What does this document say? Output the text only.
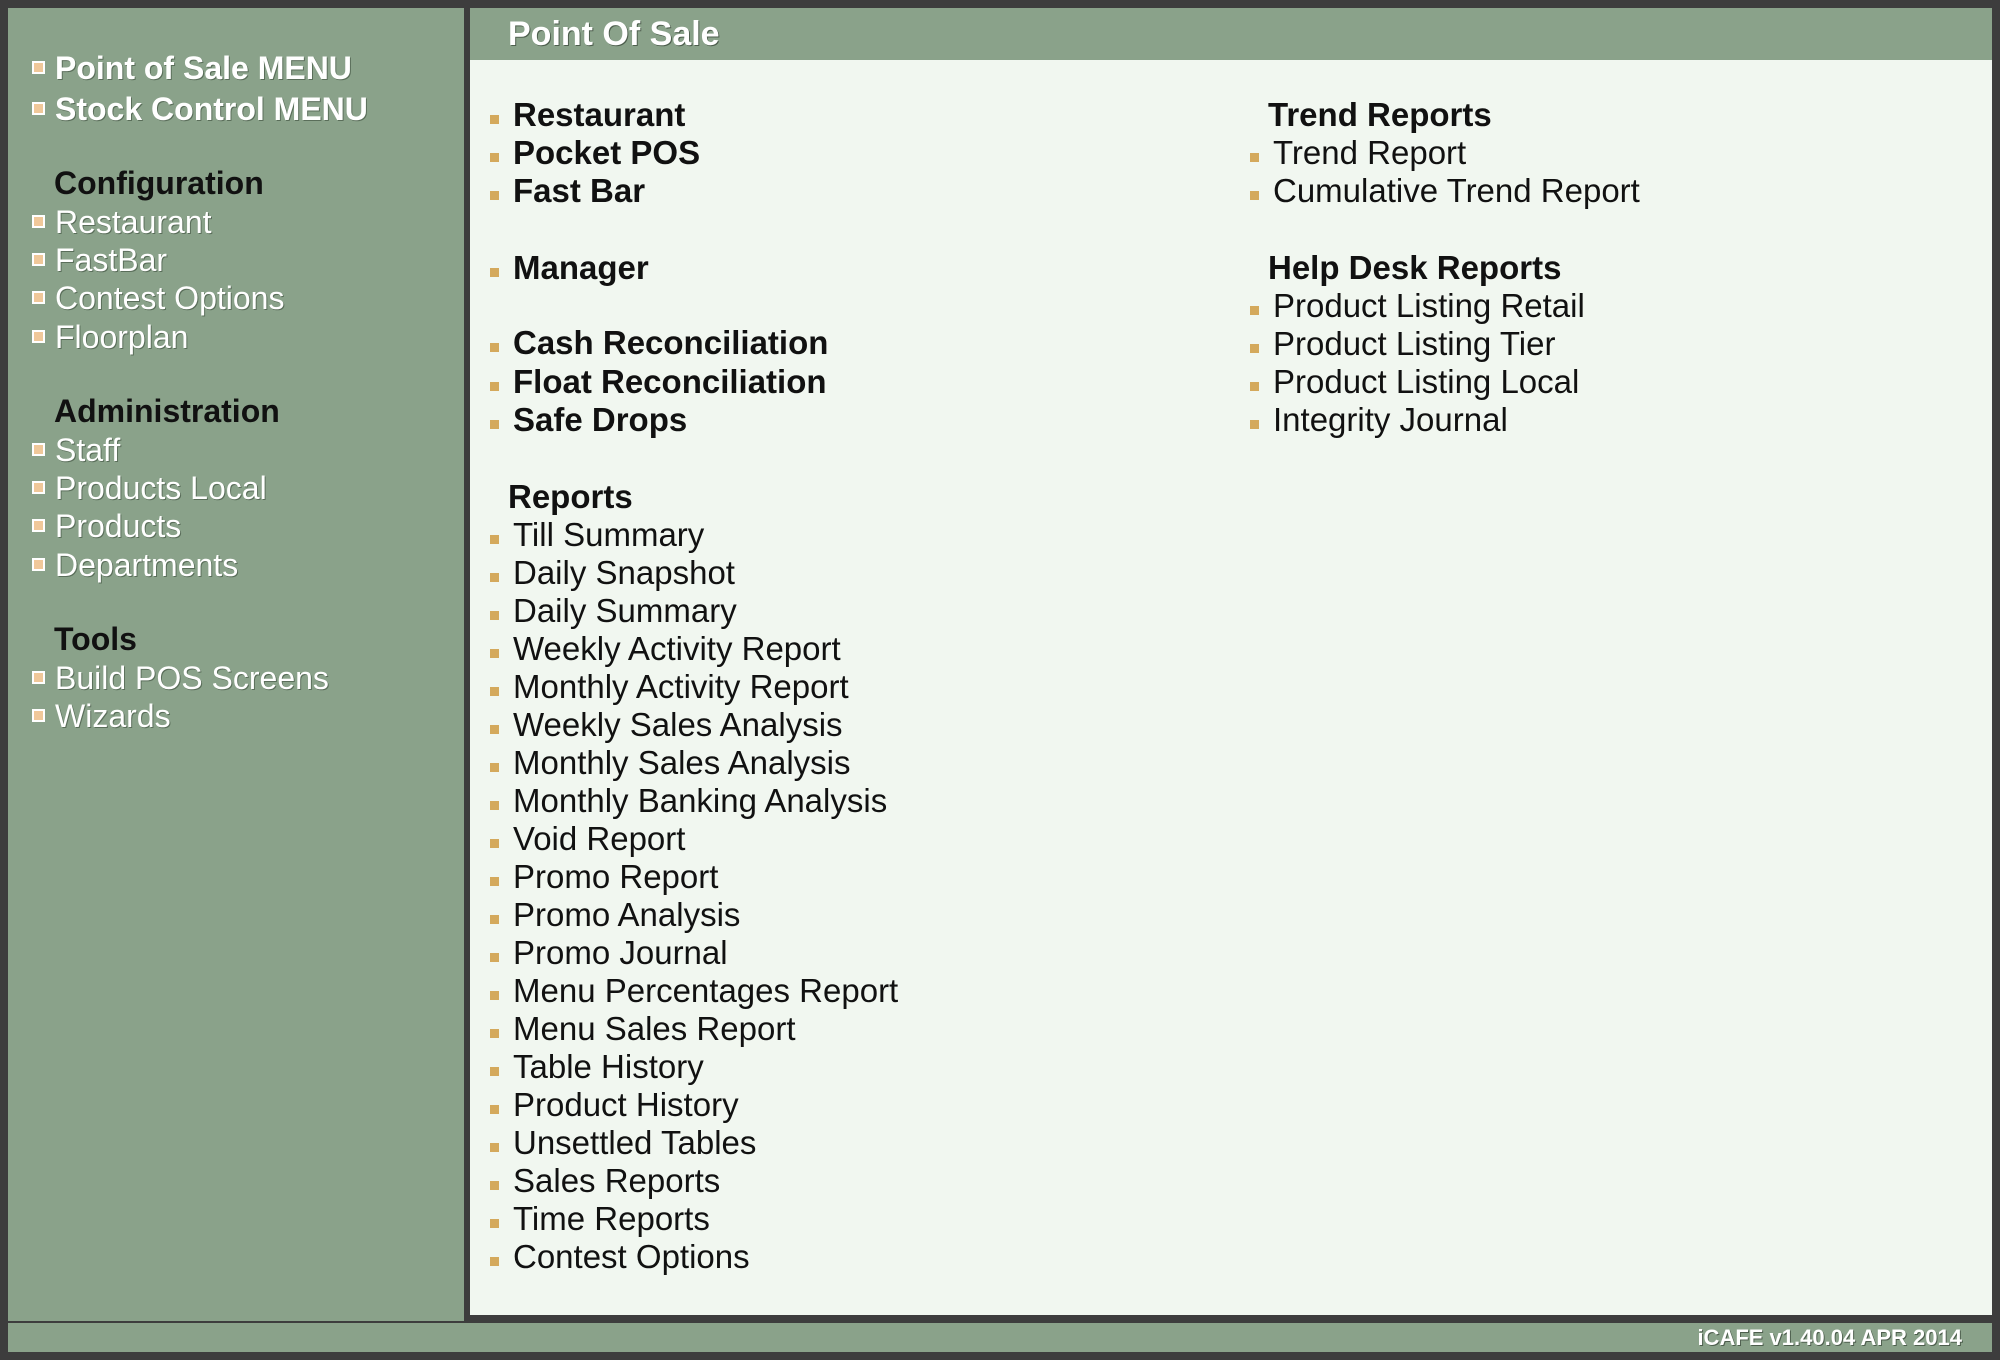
Point of Sale MENU
Stock Control MENU
Configuration
Restaurant
FastBar
Contest Options
Floorplan
Administration
Staff
Products Local
Products
Departments
Tools
Build POS Screens
Wizards
Point Of Sale
Restaurant
Pocket POS
Fast Bar
Manager
Cash Reconciliation
Float Reconciliation
Safe Drops
Reports
Till Summary
Daily Snapshot
Daily Summary
Weekly Activity Report
Monthly Activity Report
Weekly Sales Analysis
Monthly Sales Analysis
Monthly Banking Analysis
Void Report
Promo Report
Promo Analysis
Promo Journal
Menu Percentages Report
Menu Sales Report
Table History
Product History
Unsettled Tables
Sales Reports
Time Reports
Contest Options
Trend Reports
Trend Report
Cumulative Trend Report
Help Desk Reports
Product Listing Retail
Product Listing Tier
Product Listing Local
Integrity Journal
iCAFE v1.40.04 APR 2014
